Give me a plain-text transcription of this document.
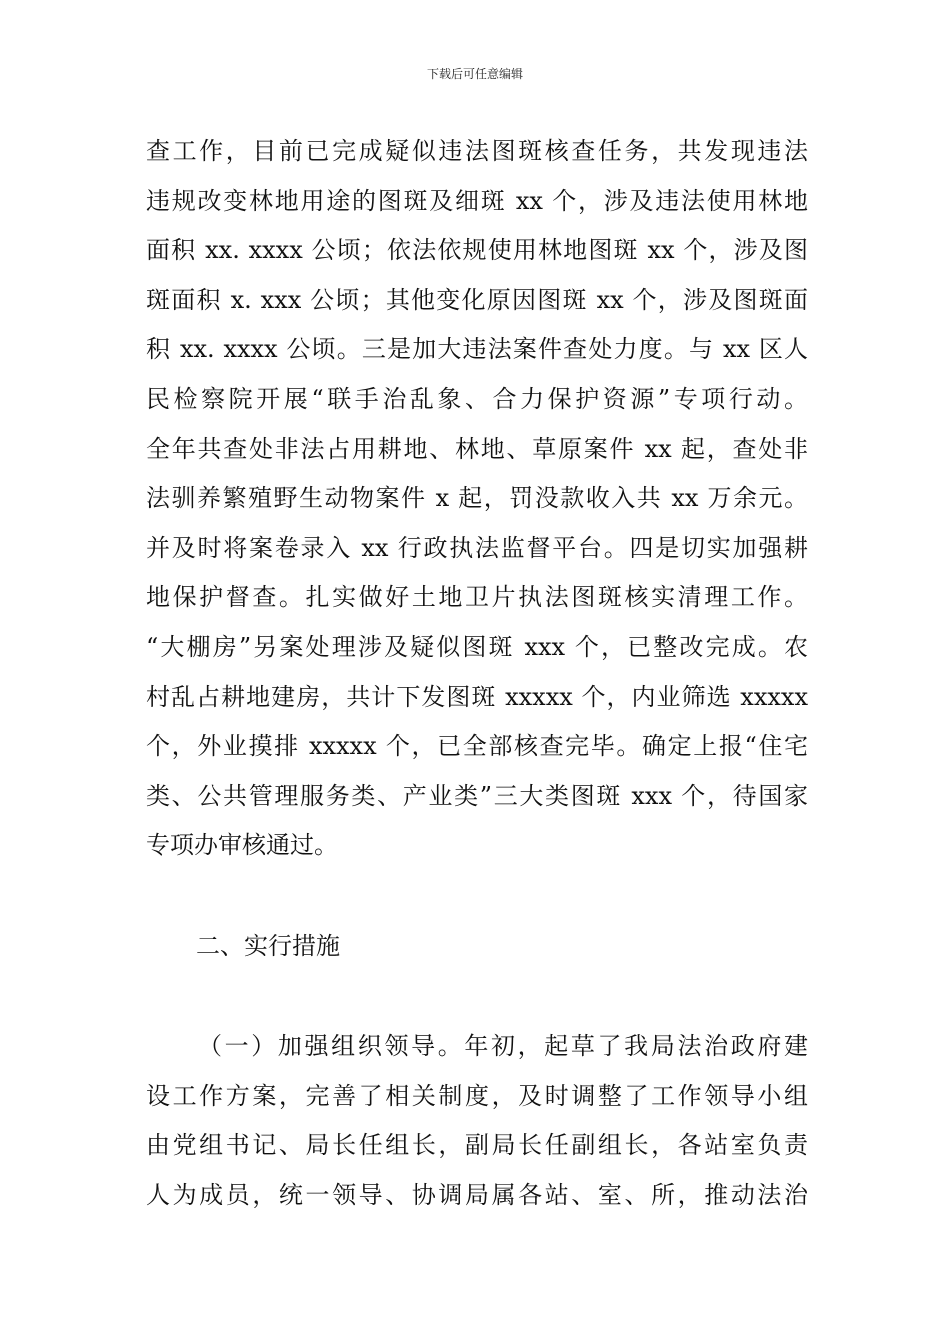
下载后可任意编辑
查工作，目前已完成疑似违法图斑核查任务，共发现违法
违规改变林地用途的图斑及细斑 xx 个，涉及违法使用林地
面积 xx. xxxx 公顷；依法依规使用林地图斑 xx 个，涉及图
斑面积 x. xxx 公顷；其他变化原因图斑 xx 个，涉及图斑面
积 xx. xxxx 公顷。三是加大违法案件查处力度。与 xx 区人
民检察院开展“联手治乱象、合力保护资源”专项行动。
全年共查处非法占用耕地、林地、草原案件 xx 起，查处非
法驯养繁殖野生动物案件 x 起，罚没款收入共 xx 万余元。
并及时将案卷录入 xx 行政执法监督平台。四是切实加强耕
地保护督查。扎实做好土地卫片执法图斑核实清理工作。
“大棚房”另案处理涉及疑似图斑 xxx 个，已整改完成。农
村乱占耕地建房，共计下发图斑 xxxxx 个，内业筛选 xxxxx
个，外业摸排 xxxxx 个，已全部核查完毕。确定上报“住宅
类、公共管理服务类、产业类”三大类图斑 xxx 个，待国家
专项办审核通过。
二、实行措施
（一）加强组织领导。年初，起草了我局法治政府建
设工作方案，完善了相关制度，及时调整了工作领导小组
由党组书记、局长任组长，副局长任副组长，各站室负责
人为成员，统一领导、协调局属各站、室、所，推动法治
